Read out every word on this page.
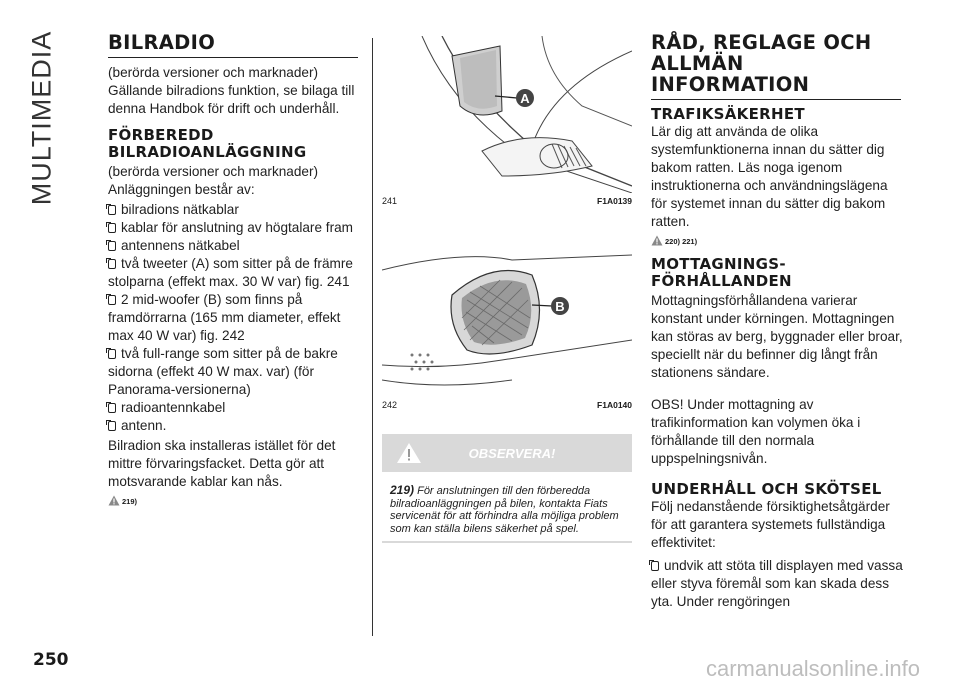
MULTIMEDIA	BILRADIO

(berörda versioner och marknader)

Gällande bilradions funktion, se bilaga till denna Handbok för drift och underhåll.

FÖRBEREDD BILRADIOANLÄGGNING

(berörda versioner och marknader)

Anläggningen består av:

bilradions nätkablar
kablar för anslutning av högtalare fram
antennens nätkabel
två tweeter (A) som sitter på de främre stolparna (effekt max. 30 W var) fig. 241
2 mid-woofer (B) som finns på framdörrarna (165 mm diameter, effekt max 40 W var) fig. 242
två full-range som sitter på de bakre sidorna (effekt 40 W max. var) (för Panorama-versionerna)
radioantennkabel
antenn.

Bilradion ska installeras istället för det mittre förvaringsfacket. Detta gör att motsvarande kablar kan nås.

219)
A
241	F1A0139
B
242	F1A0140
OBSERVERA!
219) För anslutningen till den förberedda bilradioanläggningen på bilen, kontakta Fiats servicenät för att förhindra alla möjliga problem som kan ställa bilens säkerhet på spel.
RÅD, REGLAGE OCH ALLMÄN INFORMATION
TRAFIKSÄKERHET

Lär dig att använda de olika systemfunktionerna innan du sätter dig bakom ratten. Läs noga igenom instruktionerna och användningslägena för systemet innan du sätter dig bakom ratten.

220) 221)
MOTTAGNINGS-FÖRHÅLLANDEN

Mottagningsförhållandena varierar konstant under körningen. Mottagningen kan störas av berg, byggnader eller broar, speciellt när du befinner dig långt från stationens sändare.

OBS! Under mottagning av trafikinformation kan volymen öka i förhållande till den normala uppspelningsnivån.

UNDERHÅLL OCH SKÖTSEL

Följ nedanstående försiktighetsåtgärder för att garantera systemets fullständiga effektivitet:

undvik att stöta till displayen med vassa eller styva föremål som kan skada dess yta. Under rengöringen
250	carmanualsonline.info
